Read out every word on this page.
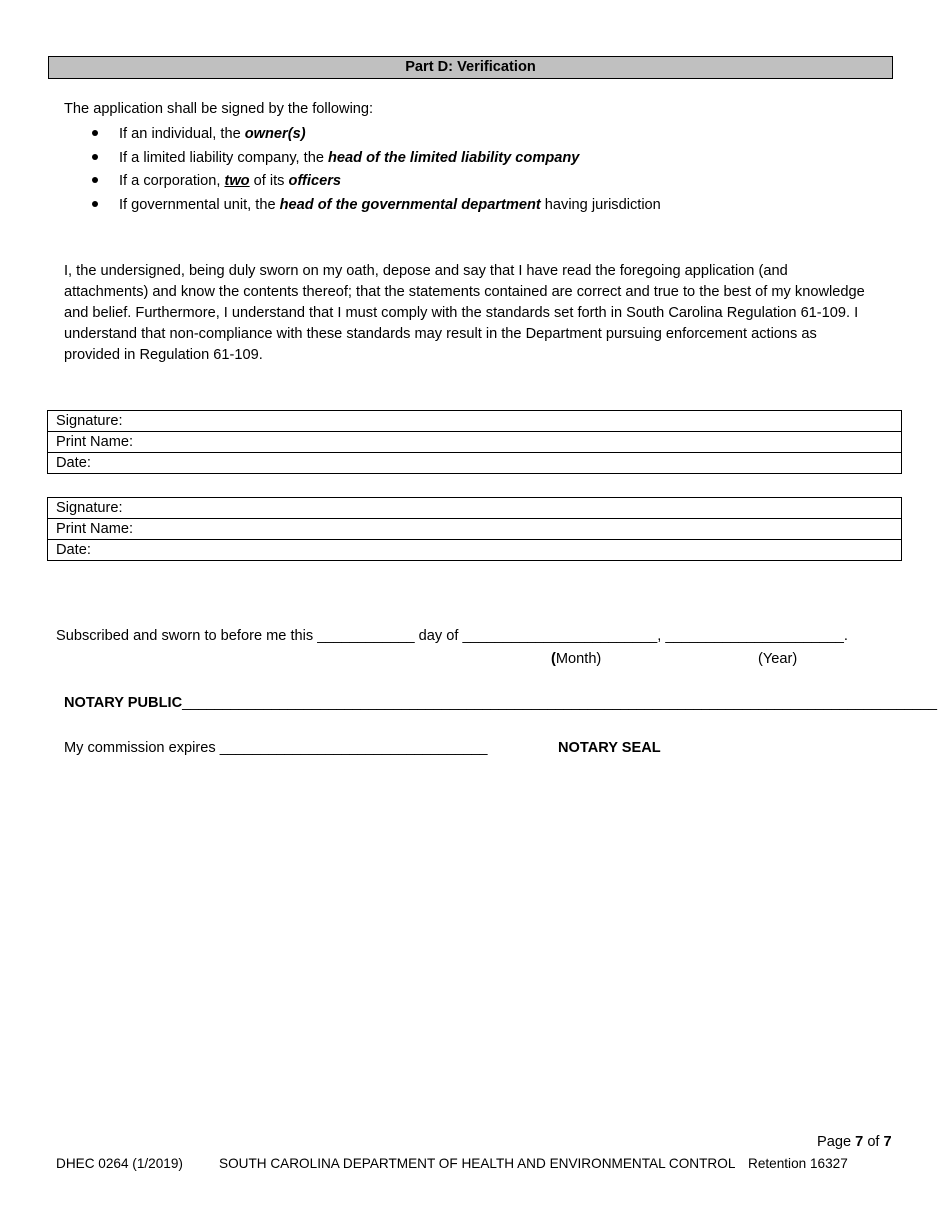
Part D: Verification
The application shall be signed by the following:
If an individual, the owner(s)
If a limited liability company, the head of the limited liability company
If a corporation, two of its officers
If governmental unit, the head of the governmental department having jurisdiction
I, the undersigned, being duly sworn on my oath, depose and say that I have read the foregoing application (and attachments) and know the contents thereof; that the statements contained are correct and true to the best of my knowledge and belief. Furthermore, I understand that I must comply with the standards set forth in South Carolina Regulation 61-109. I understand that non-compliance with these standards may result in the Department pursuing enforcement actions as provided in Regulation 61-109.
Signature:
Print Name:
Date:
Signature:
Print Name:
Date:
Subscribed and sworn to before me this ____________ day of ________________________, ______________________.
(Month)	(Year)
NOTARY PUBLIC_____________________________________________________________________________________________
My commission expires _________________________________	NOTARY SEAL
Page 7 of 7
DHEC 0264 (1/2019)	SOUTH CAROLINA DEPARTMENT OF HEALTH AND ENVIRONMENTAL CONTROL Retention 16327
